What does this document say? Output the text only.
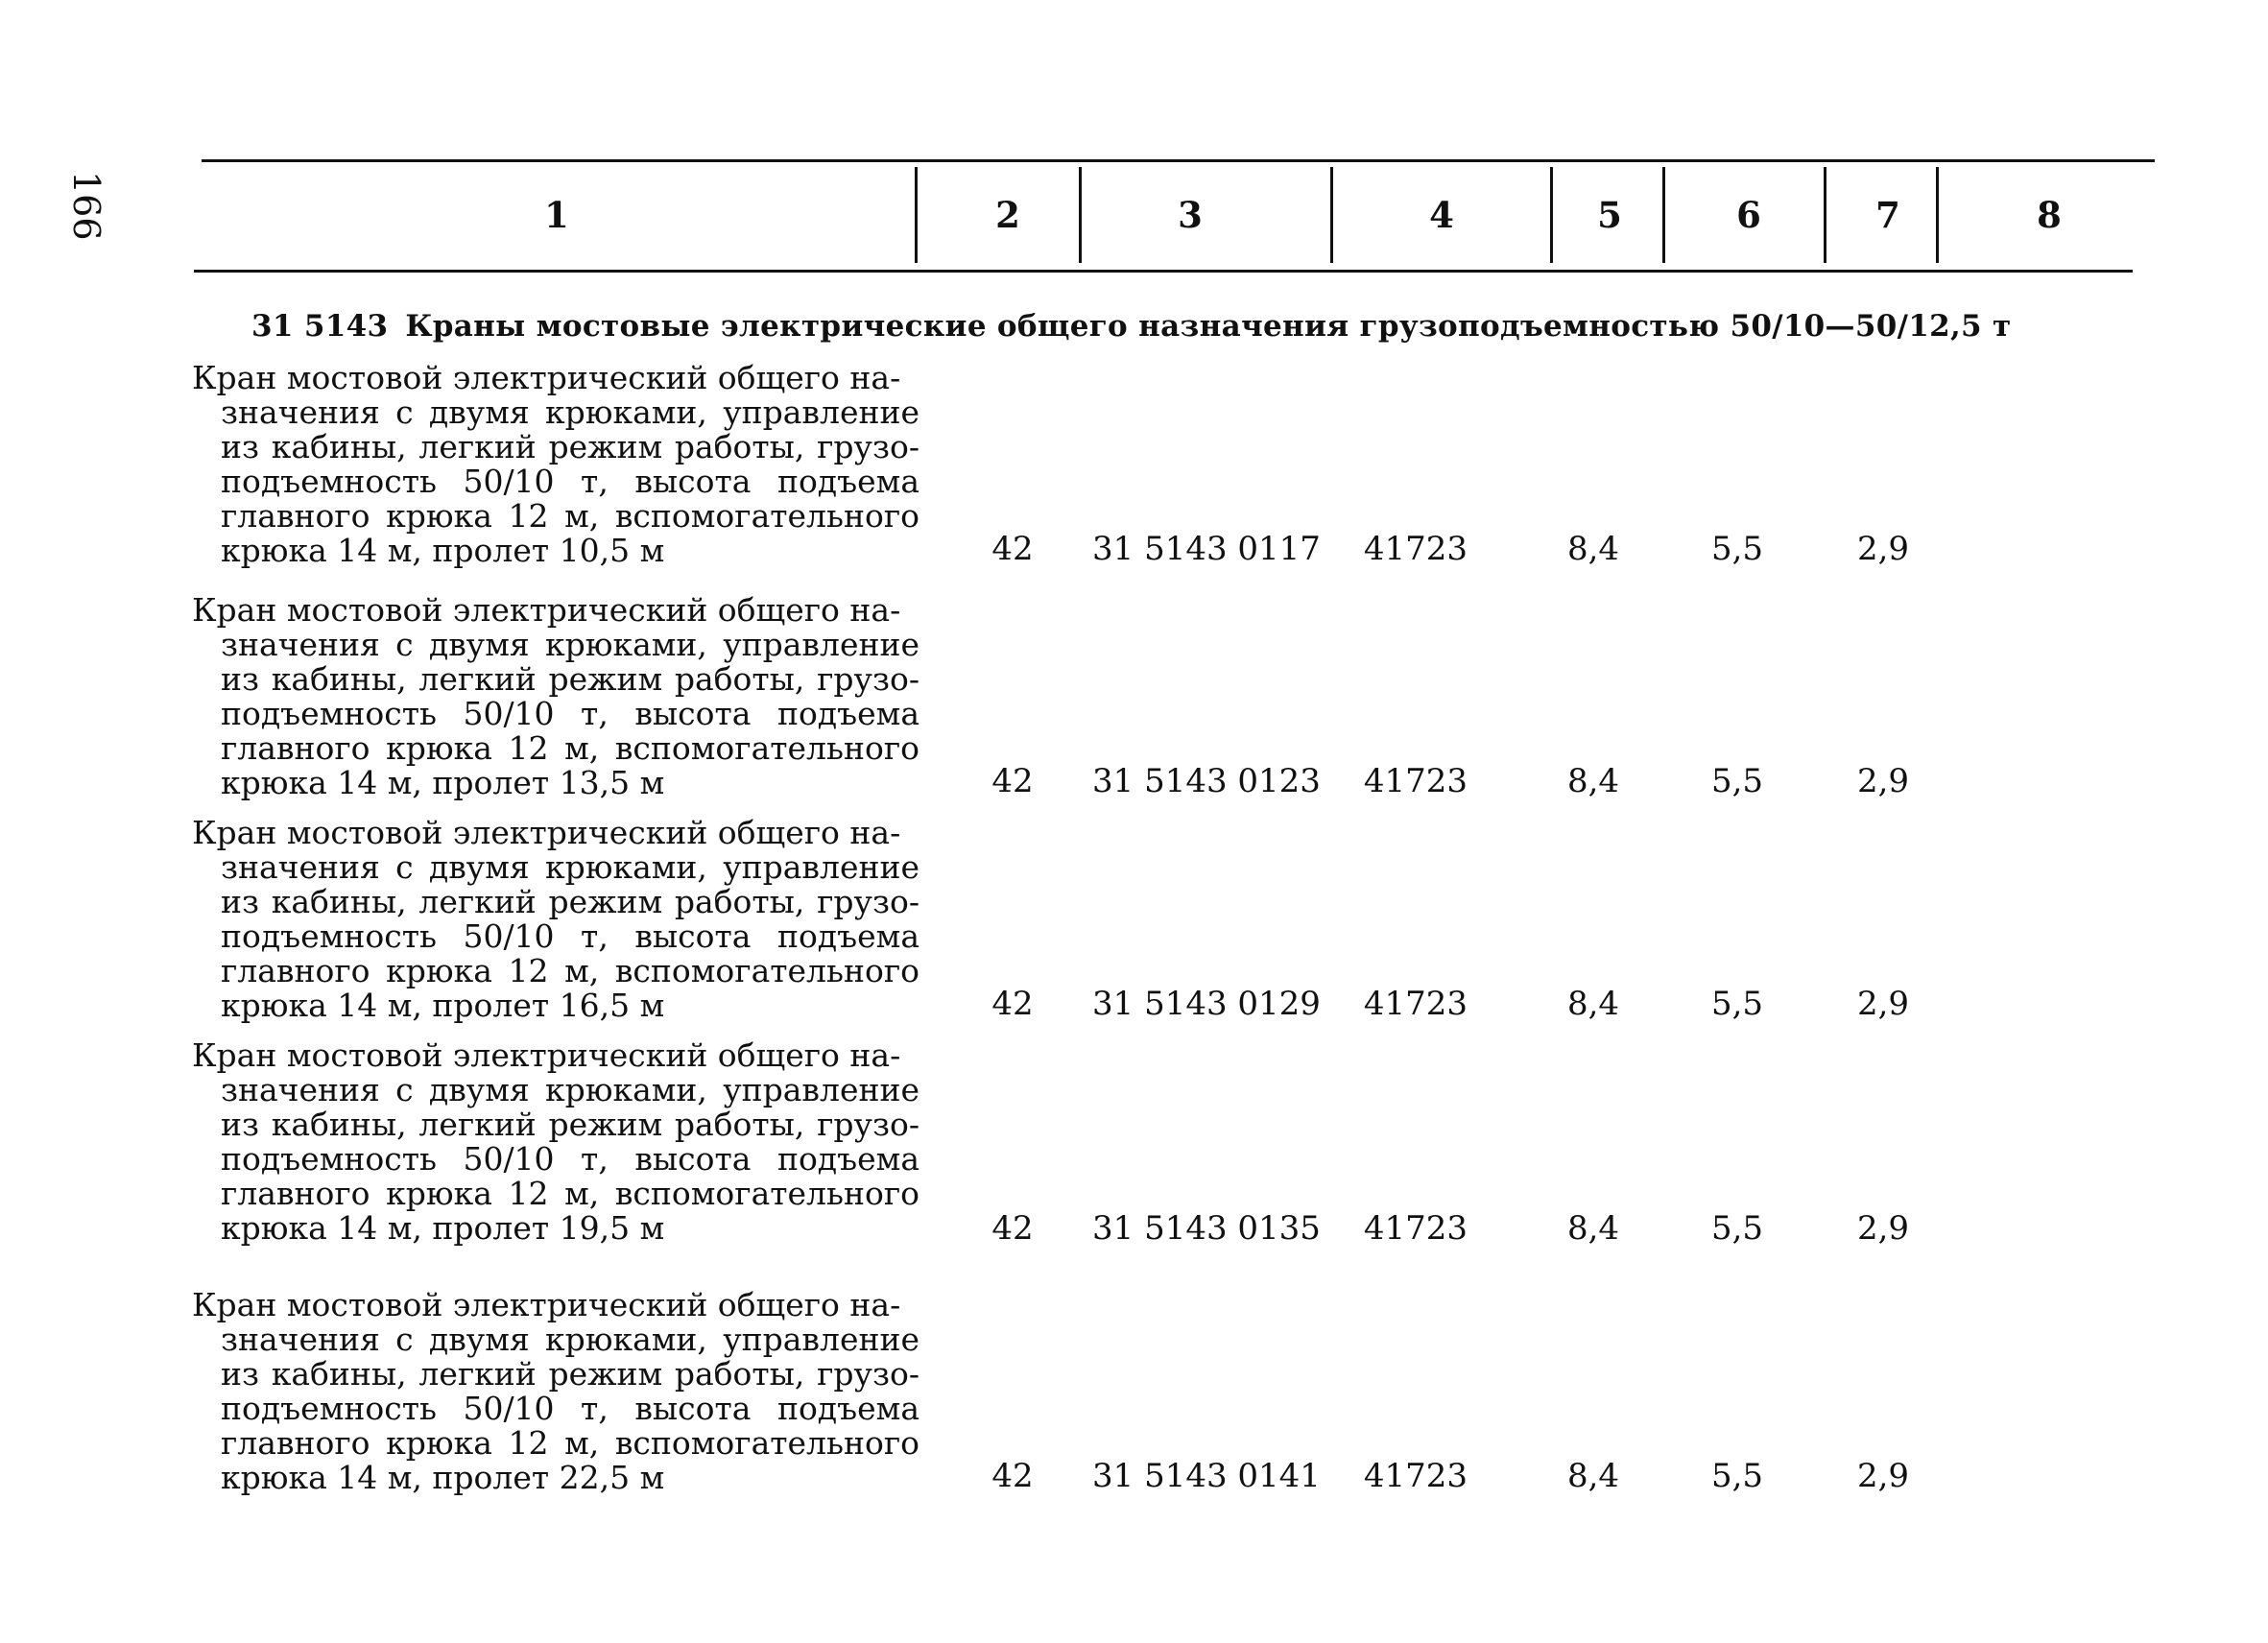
166	1	2	3	4	5	6	7	8
31 5143 Краны мостовые электрические общего назначения грузоподъемностью 50/10—50/12,5 т
Кран мостовой электрический общего на-
значения с двумя крюками, управление из кабины, легкий режим работы, грузо-подъемность 50/10 т, высота подъема главного крюка 12 м, вспомогательного крюка 14 м, пролет 10,5 м	42	31 5143 0117	41723	8,4	5,5	2,9
Кран мостовой электрический общего на-
значения с двумя крюками, управление из кабины, легкий режим работы, грузо-подъемность 50/10 т, высота подъема главного крюка 12 м, вспомогательного крюка 14 м, пролет 13,5 м	42	31 5143 0123	41723	8,4	5,5	2,9
Кран мостовой электрический общего на-
значения с двумя крюками, управление из кабины, легкий режим работы, грузо-подъемность 50/10 т, высота подъема главного крюка 12 м, вспомогательного крюка 14 м, пролет 16,5 м	42	31 5143 0129	41723	8,4	5,5	2,9
Кран мостовой электрический общего на-
значения с двумя крюками, управление из кабины, легкий режим работы, грузо-подъемность 50/10 т, высота подъема главного крюка 12 м, вспомогательного крюка 14 м, пролет 19,5 м	42	31 5143 0135	41723	8,4	5,5	2,9
Кран мостовой электрический общего на-
значения с двумя крюками, управление из кабины, легкий режим работы, грузо-подъемность 50/10 т, высота подъема главного крюка 12 м, вспомогательного крюка 14 м, пролет 22,5 м	42	31 5143 0141	41723	8,4	5,5	2,9
